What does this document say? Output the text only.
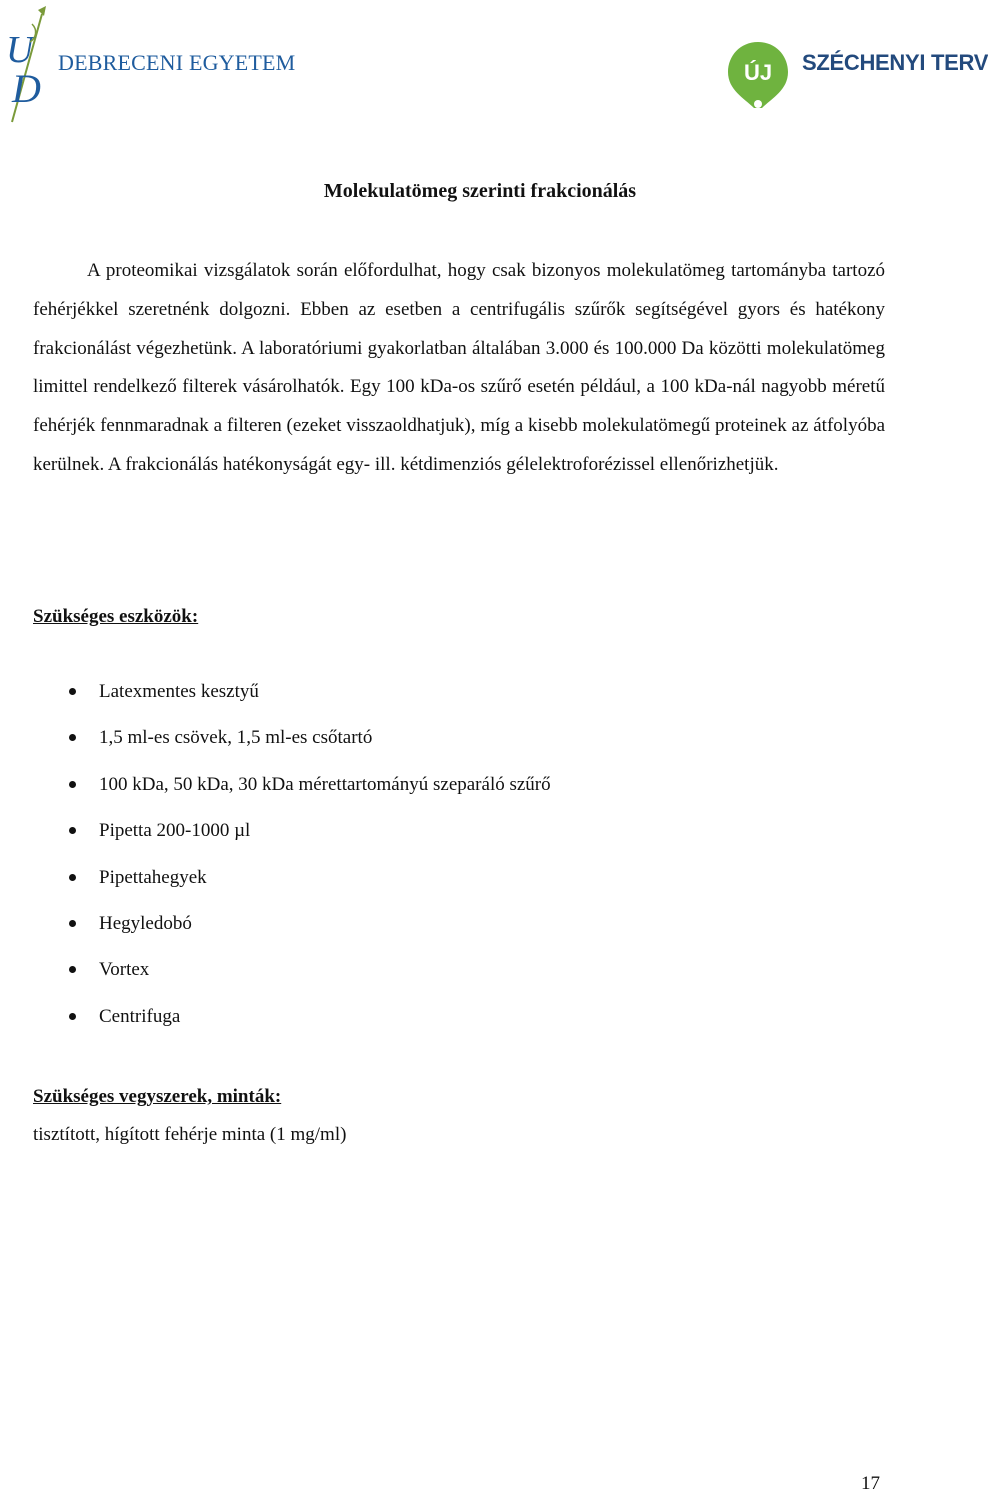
U
D
DEBRECENI EGYETEM	ÚJ SZÉCHENYI TERV
Molekulatömeg szerinti frakcionálás

A proteomikai vizsgálatok során előfordulhat, hogy csak bizonyos molekulatömeg tartományba tartozó fehérjékkel szeretnénk dolgozni. Ebben az esetben a centrifugális szűrők segítségével gyors és hatékony frakcionálást végezhetünk. A laboratóriumi gyakorlatban általában 3.000 és 100.000 Da közötti molekulatömeg limittel rendelkező filterek vásárolhatók. Egy 100 kDa-os szűrő esetén például, a 100 kDa-nál nagyobb méretű fehérjék fennmaradnak a filteren (ezeket visszaoldhatjuk), míg a kisebb molekulatömegű proteinek az átfolyóba kerülnek. A frakcionálás hatékonyságát egy- ill. kétdimenziós gélelektroforézissel ellenőrizhetjük.

Szükséges eszközök:

Latexmentes kesztyű
1,5 ml-es csövek, 1,5 ml-es csőtartó
100 kDa, 50 kDa, 30 kDa mérettartományú szeparáló szűrő
Pipetta 200-1000 µl
Pipettahegyek
Hegyledobó
Vortex
Centrifuga

Szükséges vegyszerek, minták:

tisztított, hígított fehérje minta (1 mg/ml)

17
